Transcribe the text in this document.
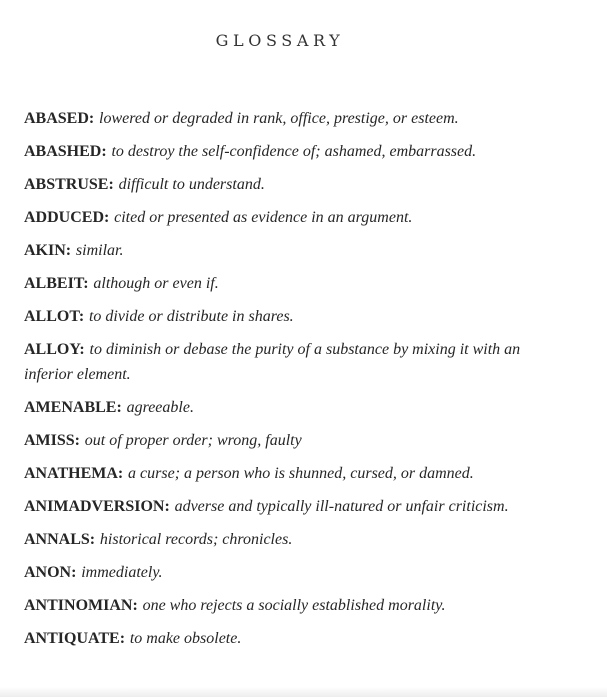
GLOSSARY

ABASED: lowered or degraded in rank, office, prestige, or esteem.

ABASHED: to destroy the self-confidence of; ashamed, embarrassed.

ABSTRUSE: difficult to understand.

ADDUCED: cited or presented as evidence in an argument.

AKIN: similar.

ALBEIT: although or even if.

ALLOT: to divide or distribute in shares.

ALLOY: to diminish or debase the purity of a substance by mixing it with an inferior element.

AMENABLE: agreeable.

AMISS: out of proper order; wrong, faulty

ANATHEMA: a curse; a person who is shunned, cursed, or damned.

ANIMADVERSION: adverse and typically ill-natured or unfair criticism.

ANNALS: historical records; chronicles.

ANON: immediately.

ANTINOMIAN: one who rejects a socially established morality.

ANTIQUATE: to make obsolete.
